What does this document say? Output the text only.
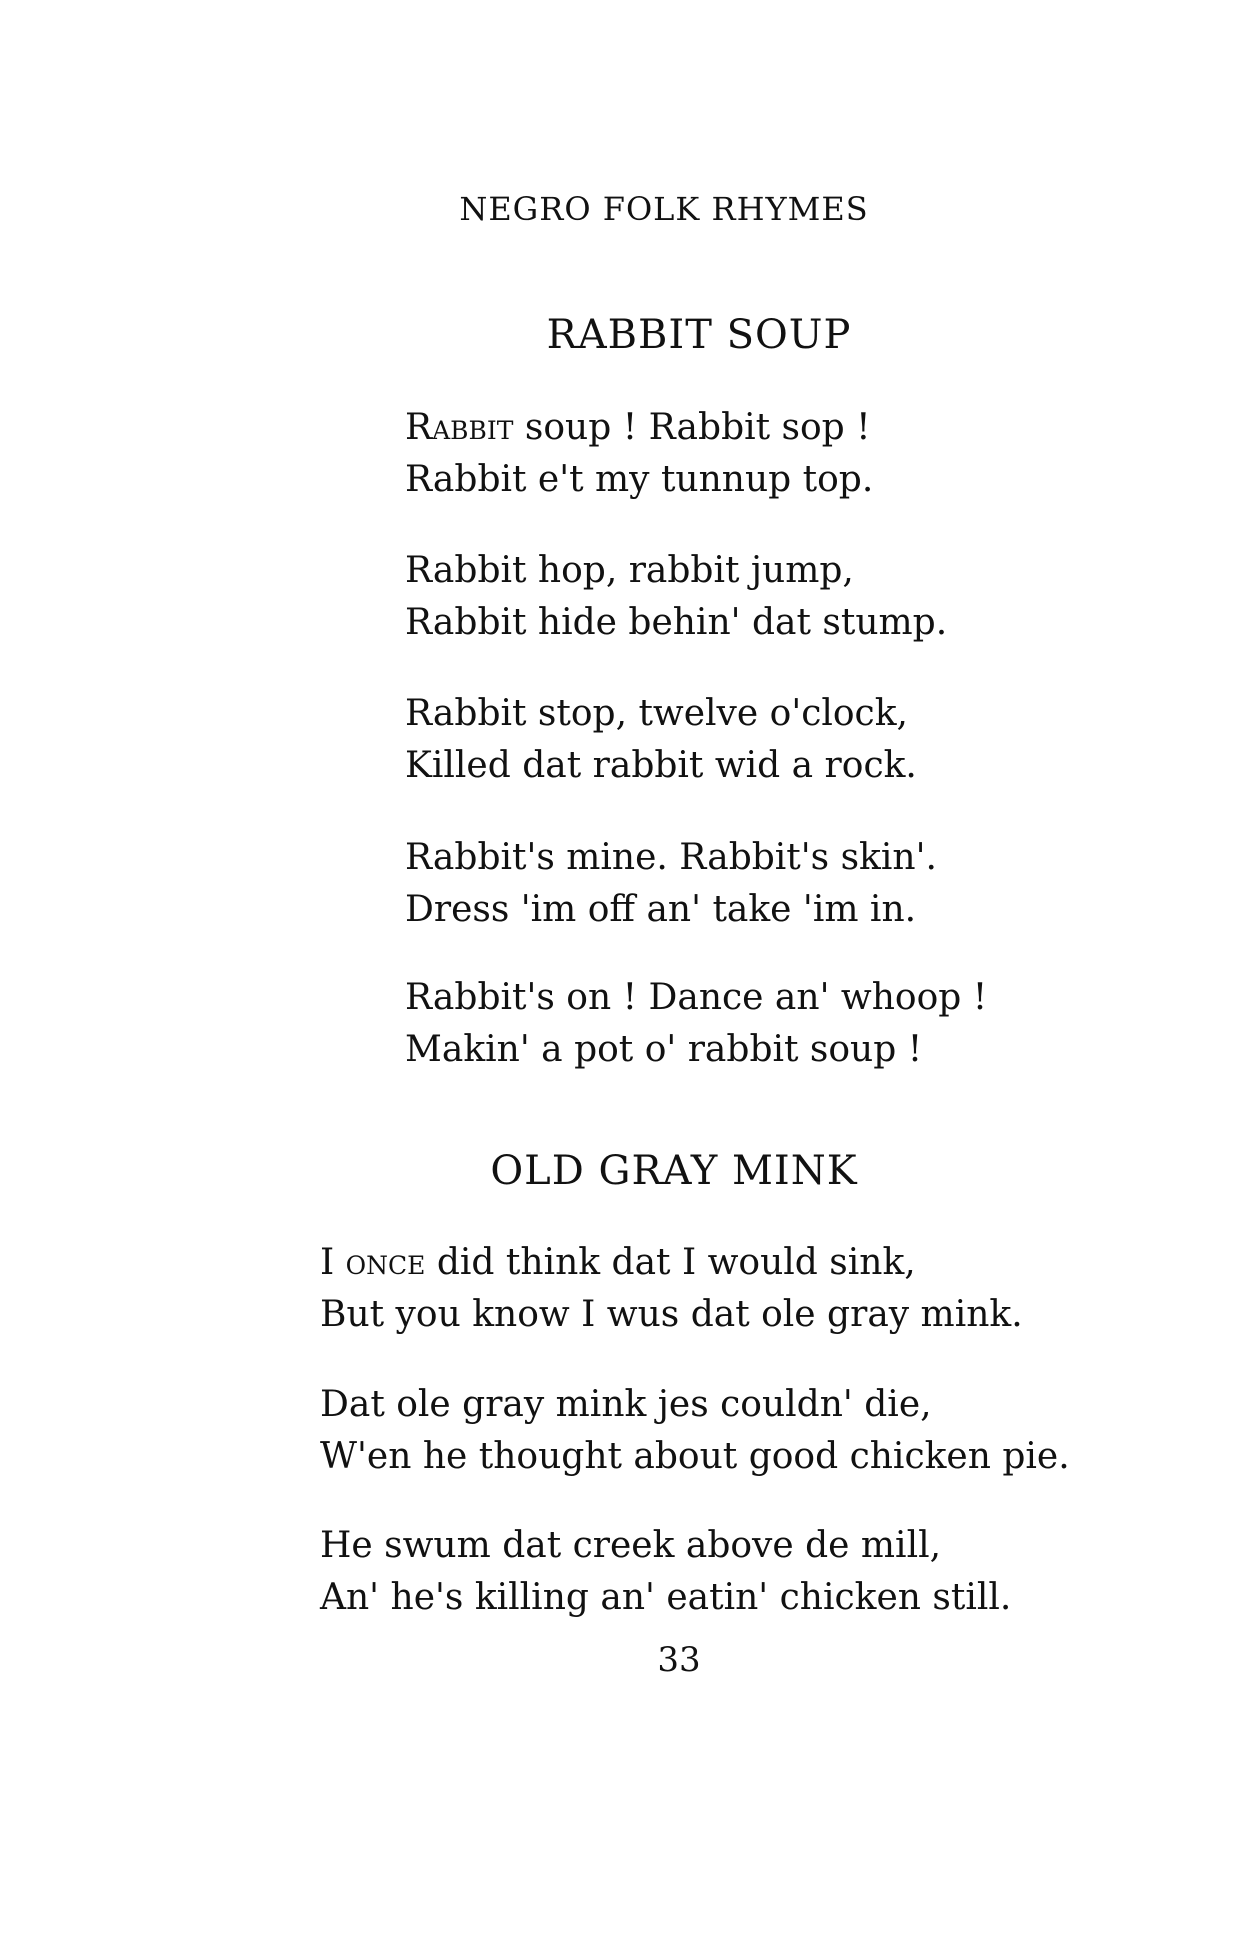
NEGRO FOLK RHYMES
RABBIT SOUP
Rabbit soup ! Rabbit sop !
Rabbit e't my tunnup top.
Rabbit hop, rabbit jump,
Rabbit hide behin' dat stump.
Rabbit stop, twelve o'clock,
Killed dat rabbit wid a rock.
Rabbit's mine. Rabbit's skin'.
Dress 'im off an' take 'im in.
Rabbit's on ! Dance an' whoop !
Makin' a pot o' rabbit soup !
OLD GRAY MINK
I once did think dat I would sink,
But you know I wus dat ole gray mink.
Dat ole gray mink jes couldn' die,
W'en he thought about good chicken pie.
He swum dat creek above de mill,
An' he's killing an' eatin' chicken still.
33
